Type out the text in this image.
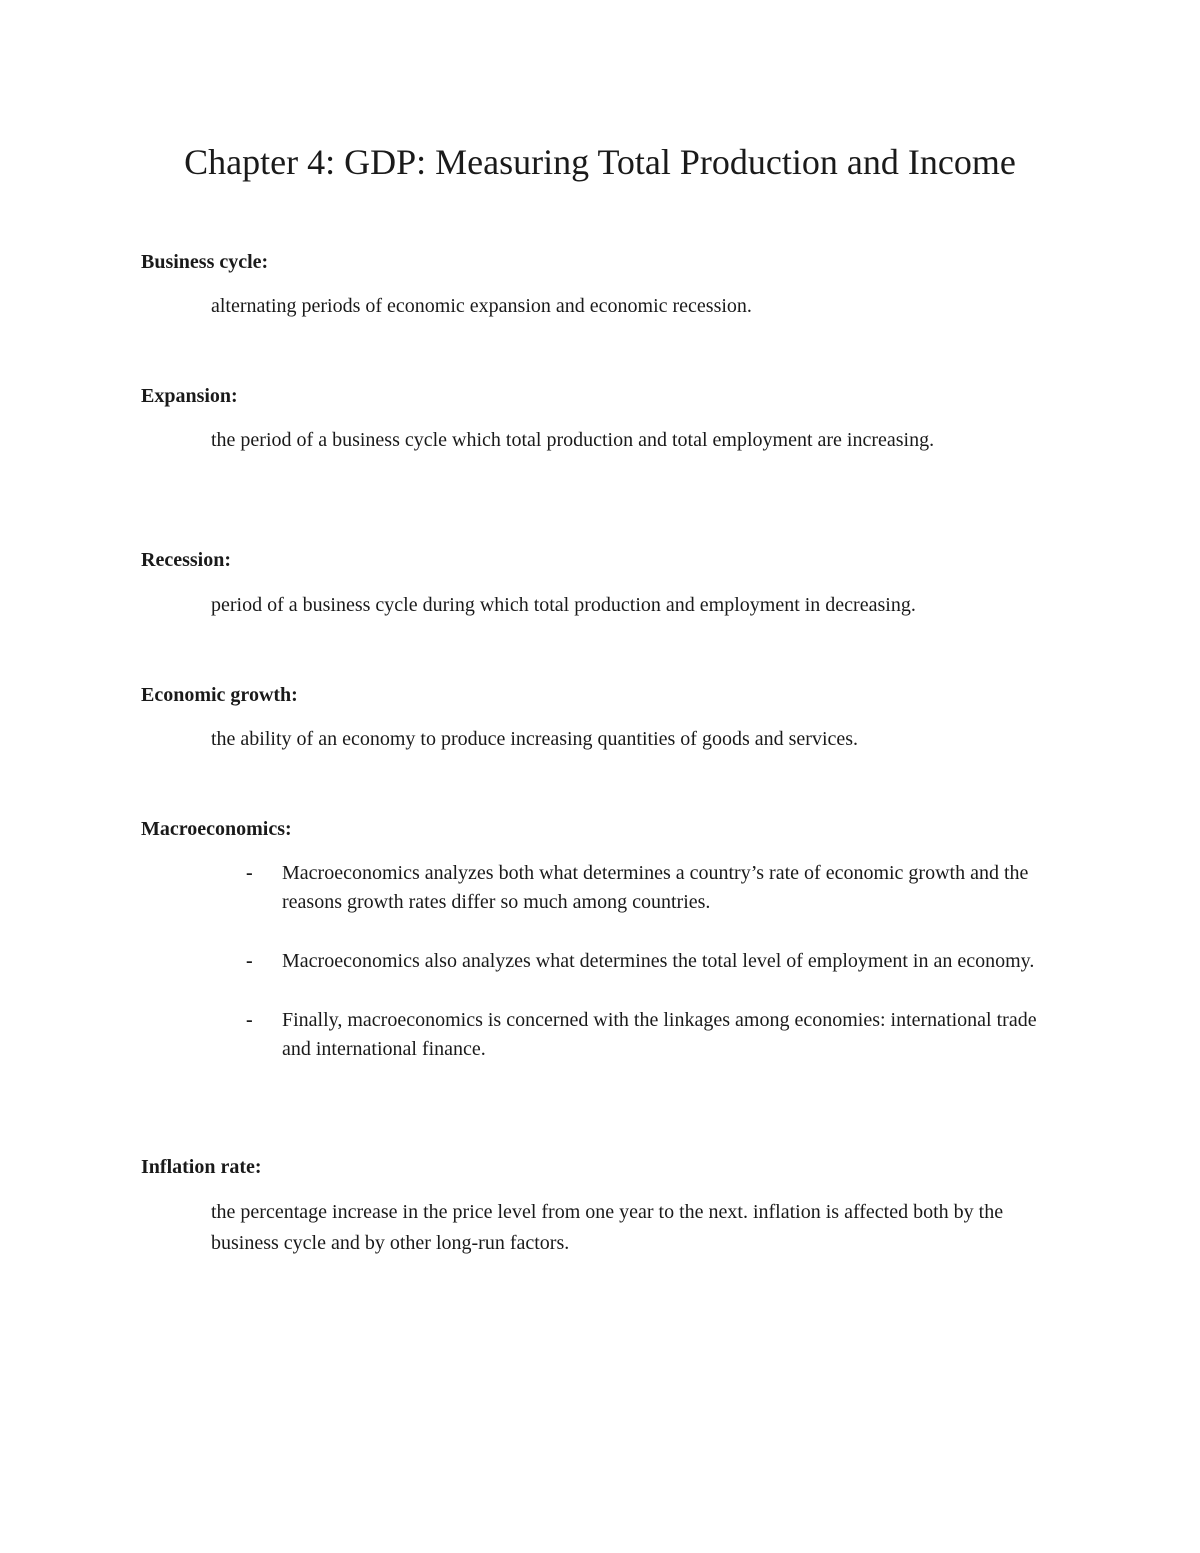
Chapter 4: GDP: Measuring Total Production and Income

Business cycle:

alternating periods of economic expansion and economic recession.

Expansion:

the period of a business cycle which total production and total employment are increasing.

Recession:

period of a business cycle during which total production and employment in decreasing.

Economic growth:

the ability of an economy to produce increasing quantities of goods and services.

Macroeconomics:

- Macroeconomics analyzes both what determines a country’s rate of economic growth and the reasons growth rates differ so much among countries.
- Macroeconomics also analyzes what determines the total level of employment in an economy.
- Finally, macroeconomics is concerned with the linkages among economies: international trade and international finance.

Inflation rate:

the percentage increase in the price level from one year to the next. inflation is affected both by the business cycle and by other long-run factors.
